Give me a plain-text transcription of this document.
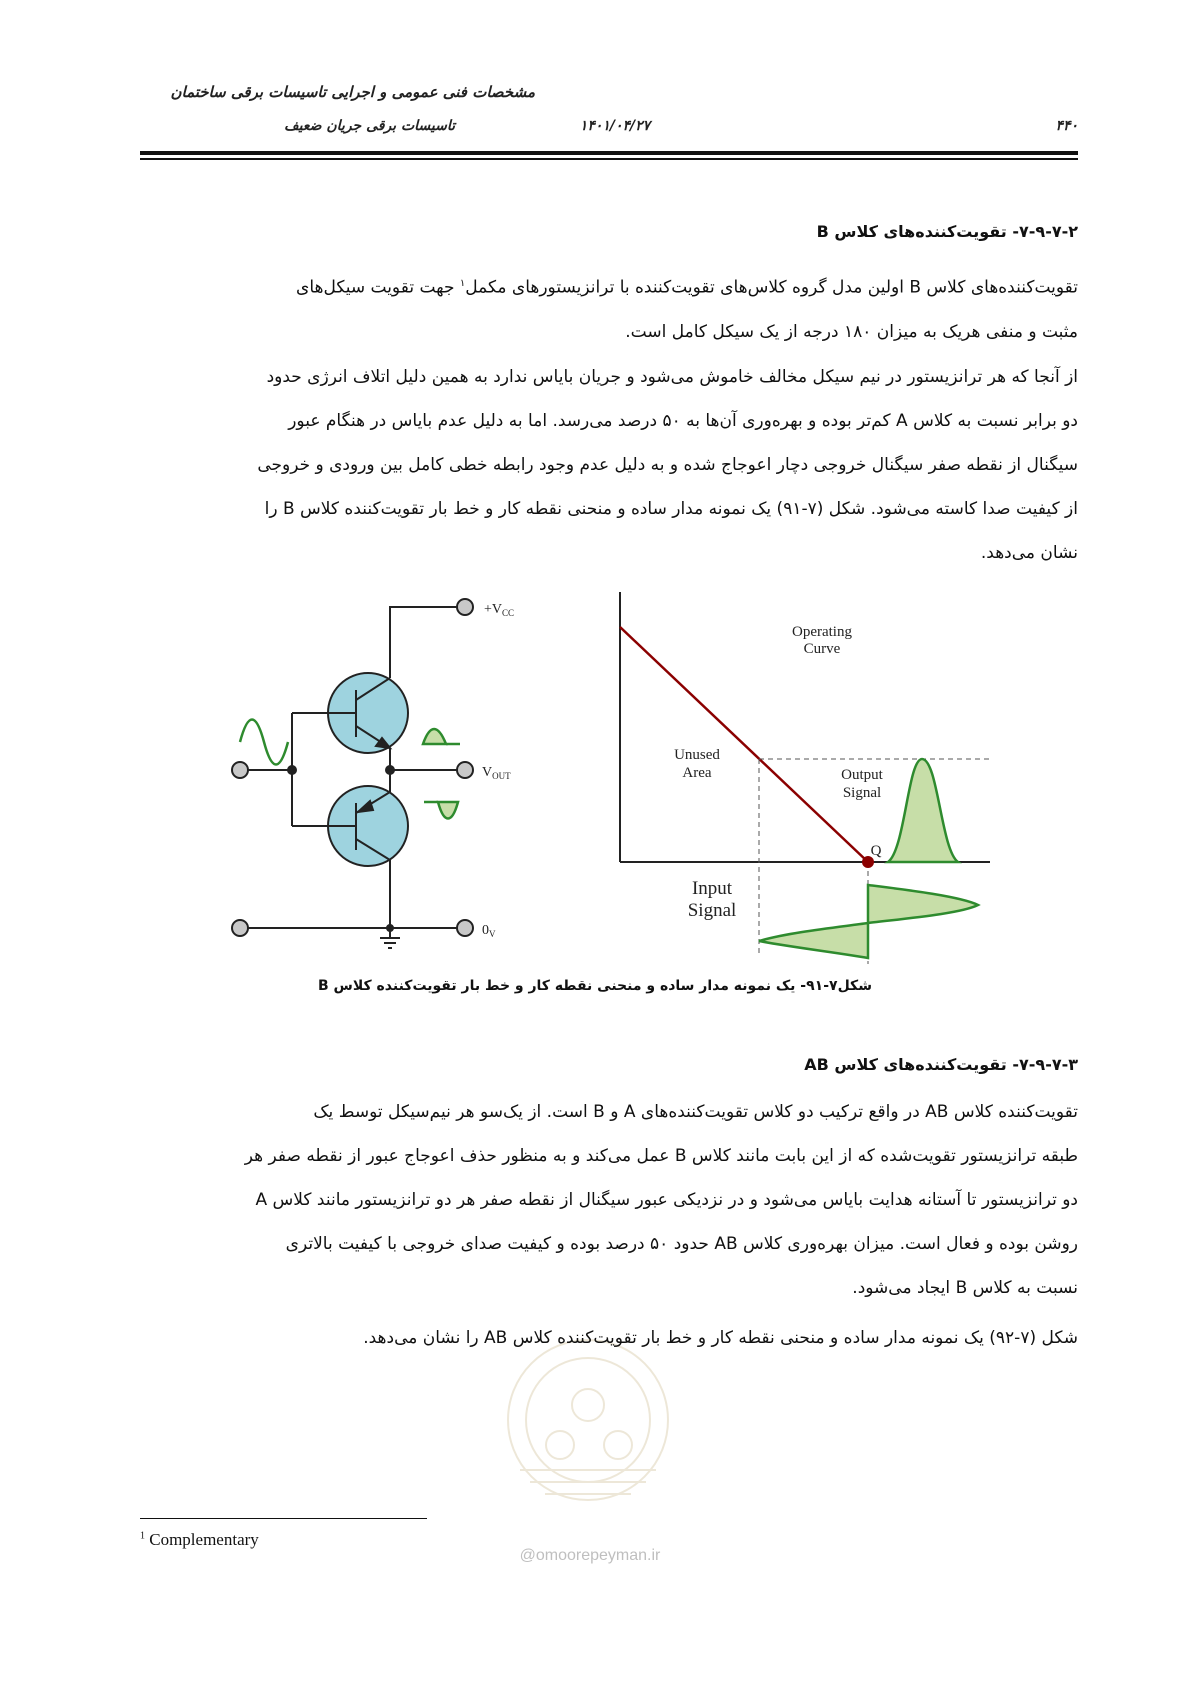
مشخصات فنی عمومی و اجرایی تاسیسات برقی ساختمان
تاسیسات برقی جریان ضعیف	۱۴۰۱/۰۴/۲۷	۴۴۰
۷-۹-۷-۲- تقویت‌کننده‌های کلاس B
تقویت‌کننده‌های کلاس B اولین مدل گروه کلاس‌های تقویت‌کننده با ترانزیستورهای مکمل$^۱$ جهت تقویت سیکل‌های
مثبت و منفی هریک به میزان ۱۸۰ درجه از یک سیکل کامل است.
از آنجا که هر ترانزیستور در نیم سیکل مخالف خاموش می‌شود و جریان بایاس ندارد به همین دلیل اتلاف انرژی حدود
دو برابر نسبت به کلاس A کم‌تر بوده و بهره‌وری آن‌ها به ۵۰ درصد می‌رسد. اما به دلیل عدم بایاس در هنگام عبور
سیگنال از نقطه صفر سیگنال خروجی دچار اعوجاج شده و به دلیل عدم وجود رابطه خطی کامل بین ورودی و خروجی
از کیفیت صدا کاسته می‌شود. شکل (۷-۹۱) یک نمونه مدار ساده و منحنی نقطه کار و خط بار تقویت‌کننده کلاس B را
نشان می‌دهد.
$+V_{CC}$
$V_{OUT}$
$0_V$
Operating
Curve
Unused
Area	Output
Signal
Q
Input
Signal
@omoorepeyman.ir
شکل۷-۹۱- یک نمونه مدار ساده و منحنی نقطه کار و خط بار تقویت‌کننده کلاس B
۷-۹-۷-۳- تقویت‌کننده‌های کلاس AB
تقویت‌کننده کلاس AB در واقع ترکیب دو کلاس تقویت‌کننده‌های A و B است. از یک‌سو هر نیم‌سیکل توسط یک
طبقه ترانزیستور تقویت‌شده که از این بابت مانند کلاس B عمل می‌کند و به منظور حذف اعوجاج عبور از نقطه صفر هر
دو ترانزیستور تا آستانه هدایت بایاس می‌شود و در نزدیکی عبور سیگنال از نقطه صفر هر دو ترانزیستور مانند کلاس A
روشن بوده و فعال است. میزان بهره‌وری کلاس AB حدود ۵۰ درصد بوده و کیفیت صدای خروجی با کیفیت بالاتری
نسبت به کلاس B ایجاد می‌شود.
شکل (۷-۹۲) یک نمونه مدار ساده و منحنی نقطه کار و خط بار تقویت‌کننده کلاس AB را نشان می‌دهد.
$^1$ Complementary
